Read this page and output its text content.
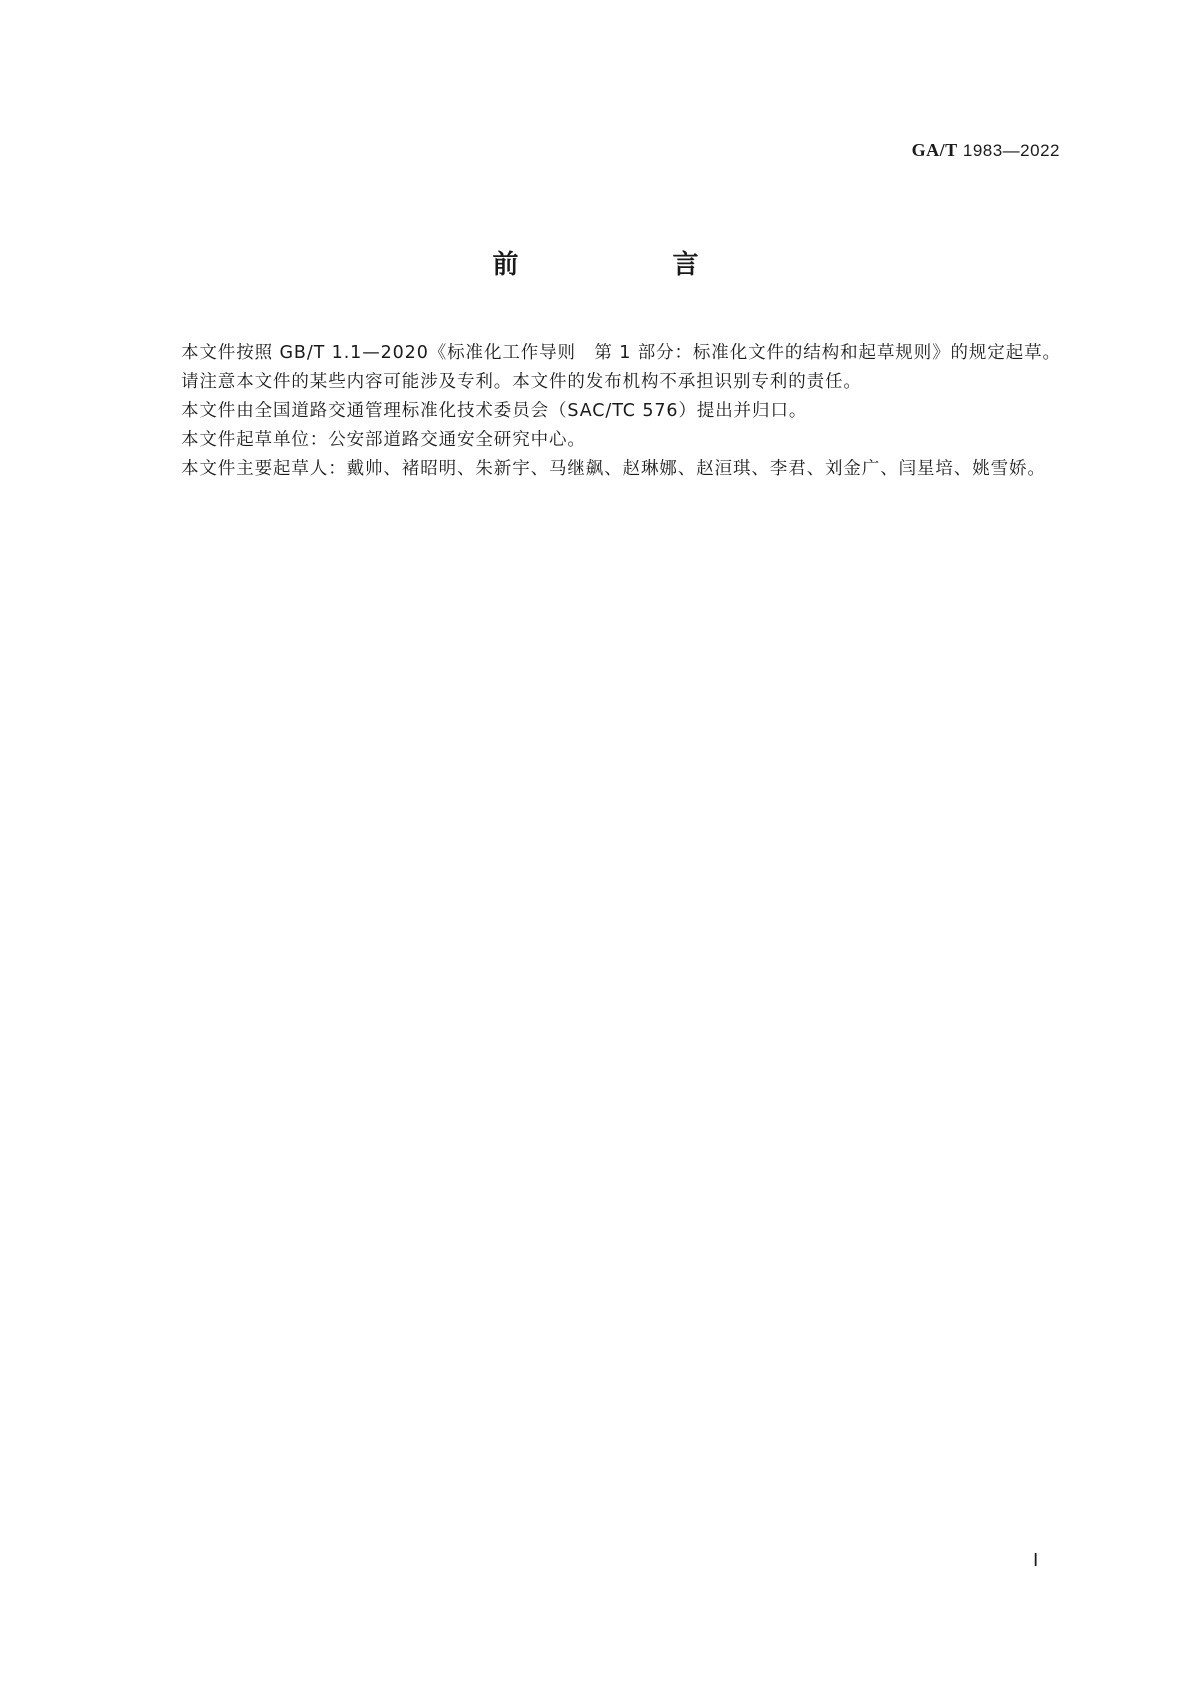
GA/T 1983—2022
前　言

本文件按照 GB/T 1.1—2020《标准化工作导则　第 1 部分：标准化文件的结构和起草规则》的规定起草。

请注意本文件的某些内容可能涉及专利。本文件的发布机构不承担识别专利的责任。

本文件由全国道路交通管理标准化技术委员会（SAC/TC 576）提出并归口。

本文件起草单位：公安部道路交通安全研究中心。

本文件主要起草人：戴帅、褚昭明、朱新宇、马继飙、赵琳娜、赵洹琪、李君、刘金广、闫星培、姚雪娇。

Ⅰ
